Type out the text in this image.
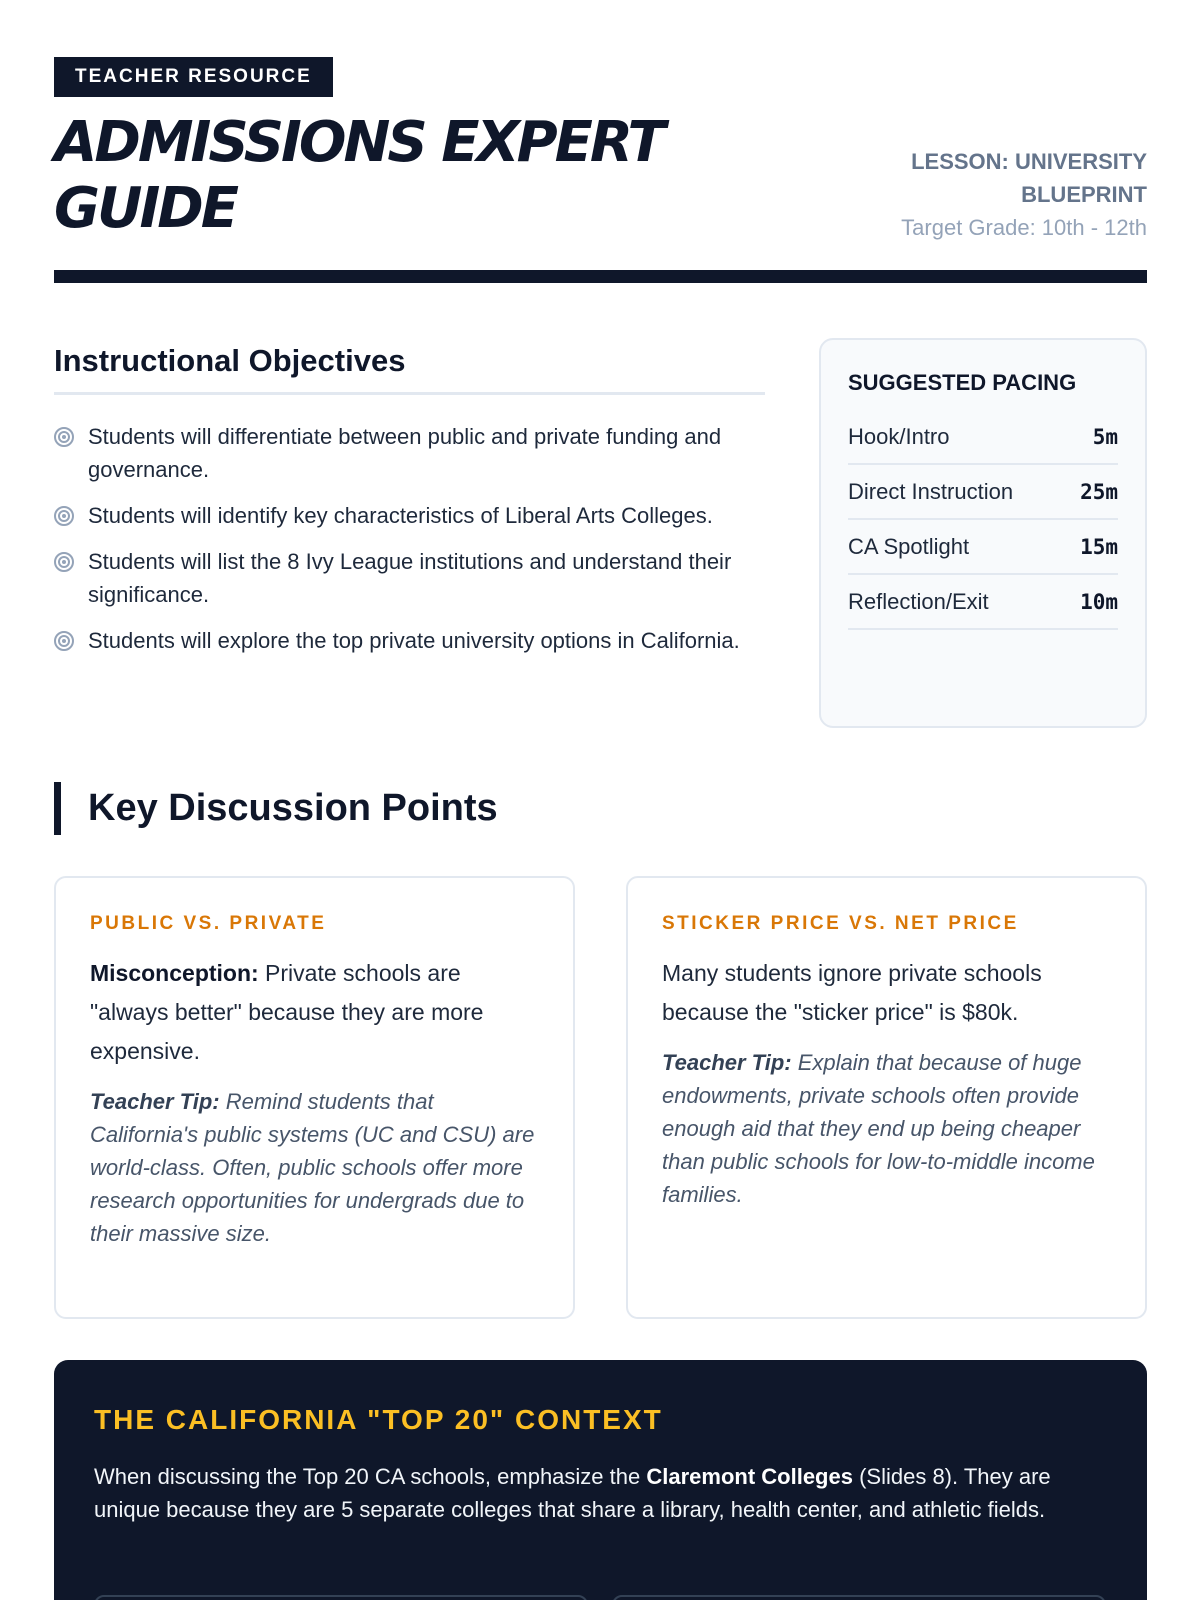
TEACHER RESOURCE
ADMISSIONS EXPERT
GUIDE
LESSON: UNIVERSITY
BLUEPRINT
Target Grade: 10th - 12th
Instructional Objectives
Students will differentiate between public and private funding and governance.
Students will identify key characteristics of Liberal Arts Colleges.
Students will list the 8 Ivy League institutions and understand their significance.
Students will explore the top private university options in California.
SUGGESTED PACING
Hook/Intro	5m
Direct Instruction	25m
CA Spotlight	15m
Reflection/Exit	10m
Key Discussion Points
PUBLIC VS. PRIVATE

Misconception: Private schools are "always better" because they are more expensive.

Teacher Tip: Remind students that California's public systems (UC and CSU) are world-class. Often, public schools offer more research opportunities for undergrads due to their massive size.

STICKER PRICE VS. NET PRICE

Many students ignore private schools because the "sticker price" is $80k.

Teacher Tip: Explain that because of huge endowments, private schools often provide enough aid that they end up being cheaper than public schools for low-to-middle income families.

THE CALIFORNIA "TOP 20" CONTEXT

When discussing the Top 20 CA schools, emphasize the Claremont Colleges (Slides 8). They are unique because they are 5 separate colleges that share a library, health center, and athletic fields.
